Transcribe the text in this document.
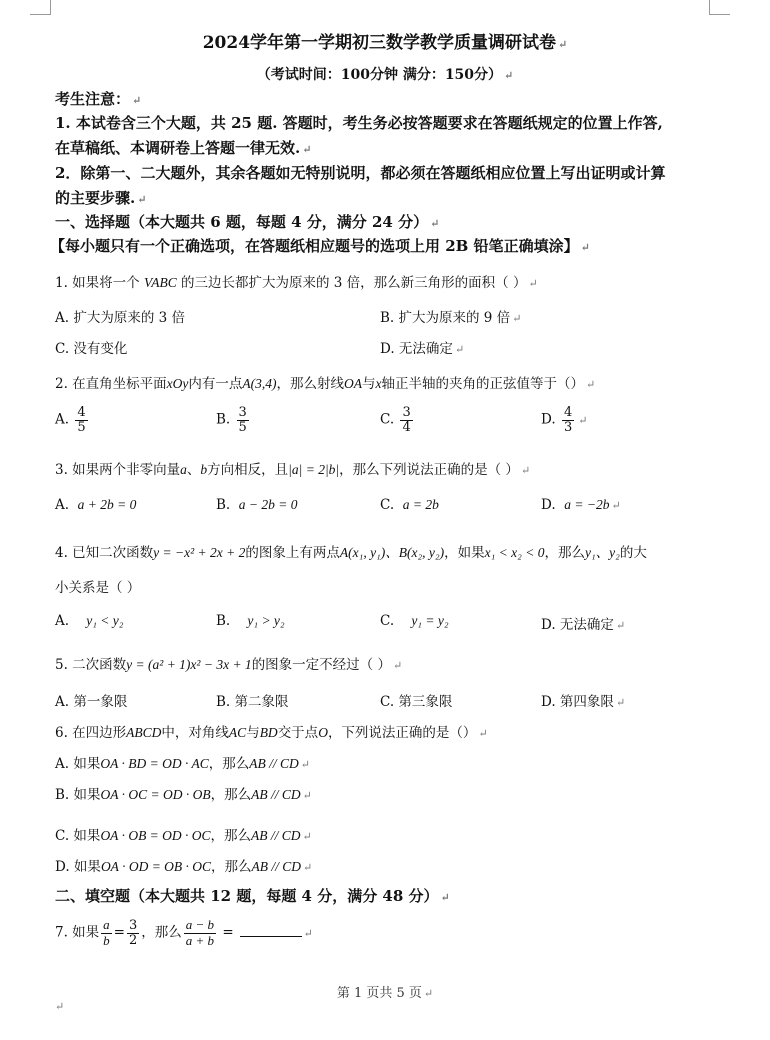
2024学年第一学期初三数学教学质量调研试卷 ↵
（考试时间：100分钟 满分：150分） ↵
考生注意： ↵
1. 本试卷含三个大题，共 25 题. 答题时，考生务必按答题要求在答题纸规定的位置上作答,
在草稿纸、本调研卷上答题一律无效. ↵
2．除第一、二大题外，其余各题如无特别说明，都必须在答题纸相应位置上写出证明或计算
的主要步骤. ↵
一、选择题（本大题共 6 题，每题 4 分，满分 24 分） ↵
【每小题只有一个正确选项，在答题纸相应题号的选项上用 2B 铅笔正确填涂】 ↵
1. 如果将一个 VABC 的三边长都扩大为原来的 3 倍，那么新三角形的面积（ ） ↵
A. 扩大为原来的 3 倍	B. 扩大为原来的 9 倍 ↵
C. 没有变化	D. 无法确定 ↵
2. 在直角坐标平面xOy内有一点A(3,4)，那么射线OA与x轴正半轴的夹角的正弦值等于（） ↵
A. $\frac{4}{5}$	B. $\frac{3}{5}$	C. $\frac{3}{4}$	D. $\frac{4}{3}$ ↵
3. 如果两个非零向量a、b方向相反，且|a| = 2|b|，那么下列说法正确的是（ ） ↵
A.  a + 2b = 0	B.  a − 2b = 0	C.  a = 2b	D.  a = −2b ↵
4. 已知二次函数y = −x² + 2x + 2的图象上有两点A(x₁, y₁)、B(x₂, y₂)，如果x₁ < x₂ < 0，那么y₁、y₂的大
小关系是（ ）
A.    y₁ < y₂	B.    y₁ > y₂	C.    y₁ = y₂	D. 无法确定 ↵
5. 二次函数y = (a² + 1)x² − 3x + 1的图象一定不经过（ ） ↵
A. 第一象限	B. 第二象限	C. 第三象限	D. 第四象限 ↵
6. 在四边形ABCD中，对角线AC与BD交于点O，下列说法正确的是（） ↵
A. 如果OA · BD = OD · AC，那么AB // CD ↵
B. 如果OA · OC = OD · OB，那么AB // CD ↵
C. 如果OA · OB = OD · OC，那么AB // CD ↵
D. 如果OA · OD = OB · OC，那么AB // CD ↵
二、填空题（本大题共 12 题，每题 4 分，满分 48 分） ↵
7. 如果 $\frac{a}{b} = \frac{3}{2}$ ，那么 $\frac{a - b}{a + b}$ =	↵
第 1 页共 5 页 ↵
↵
